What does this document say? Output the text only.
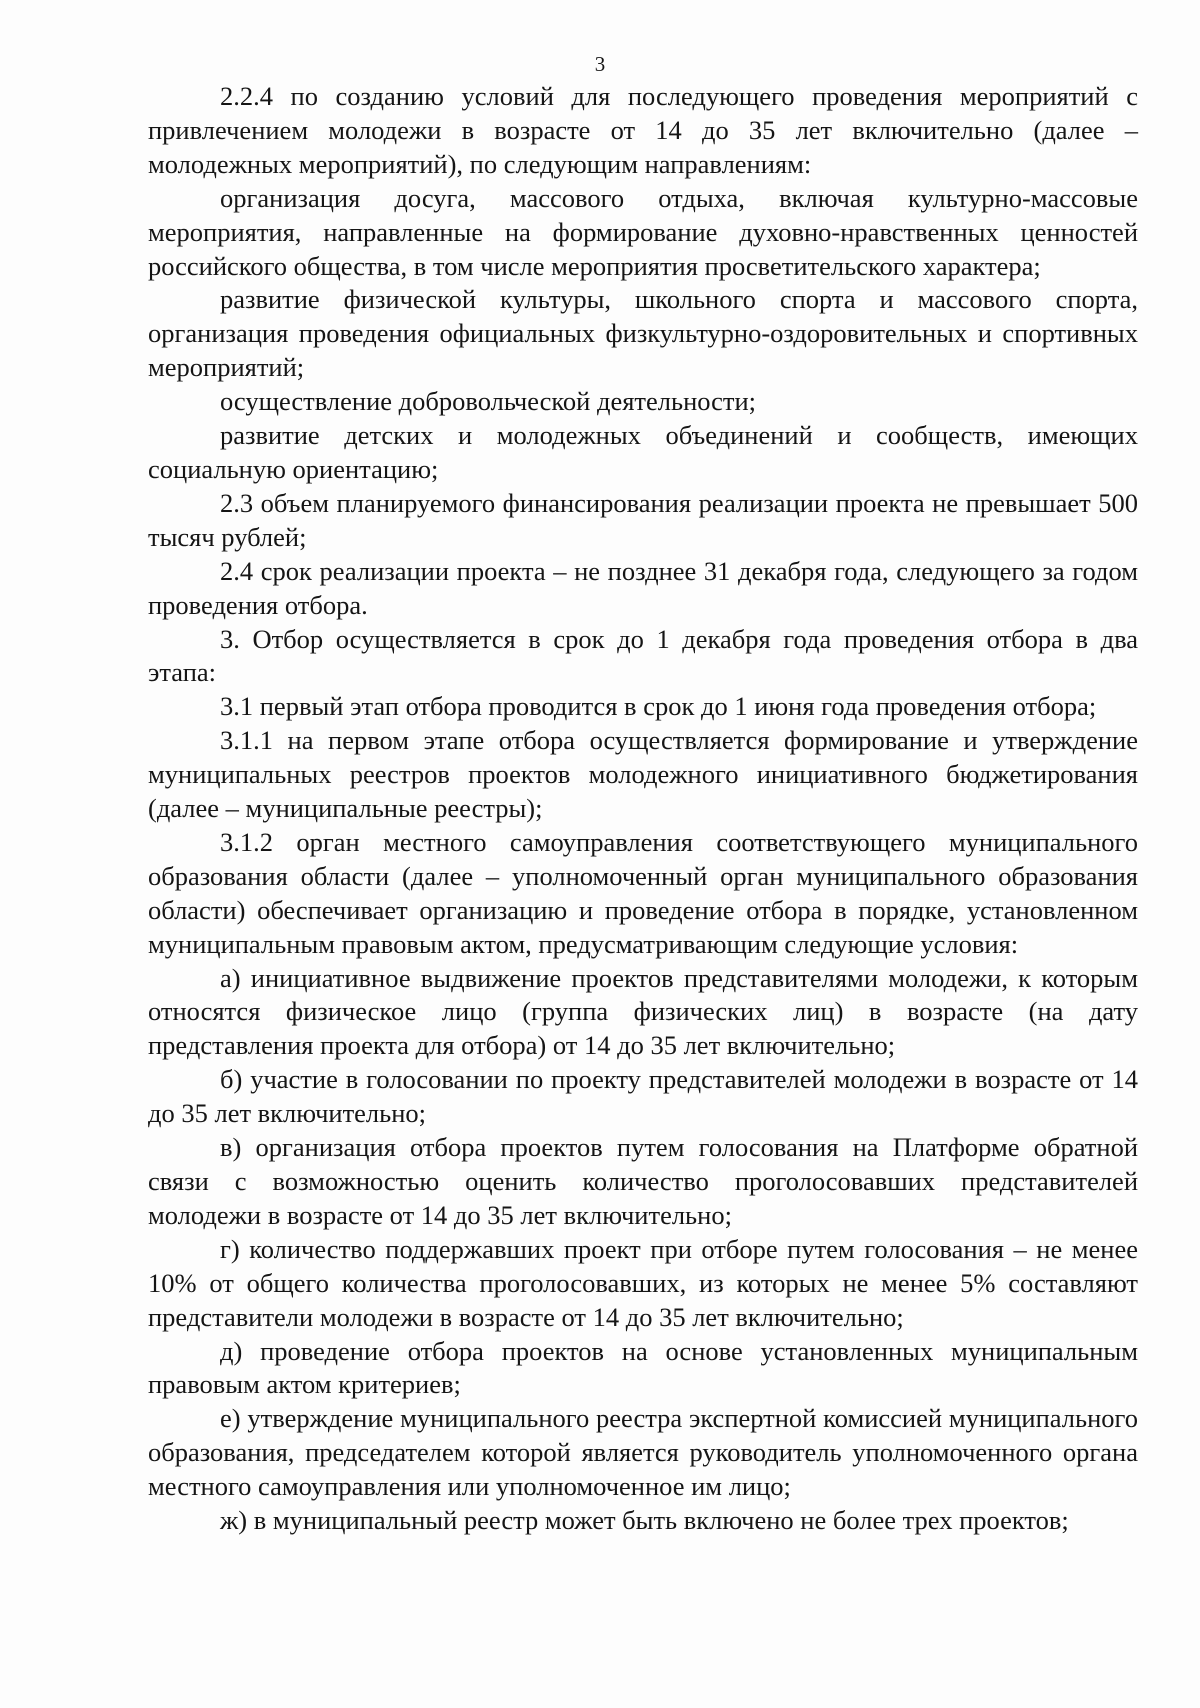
3

2.2.4 по созданию условий для последующего проведения мероприятий с привлечением молодежи в возрасте от 14 до 35 лет включительно (далее – молодежных мероприятий), по следующим направлениям:

организация досуга, массового отдыха, включая культурно-массовые мероприятия, направленные на формирование духовно-нравственных ценностей российского общества, в том числе мероприятия просветительского характера;

развитие физической культуры, школьного спорта и массового спорта, организация проведения официальных физкультурно-оздоровительных и спортивных мероприятий;

осуществление добровольческой деятельности;

развитие детских и молодежных объединений и сообществ, имеющих социальную ориентацию;

2.3 объем планируемого финансирования реализации проекта не превышает 500 тысяч рублей;

2.4 срок реализации проекта – не позднее 31 декабря года, следующего за годом проведения отбора.

3. Отбор осуществляется в срок до 1 декабря года проведения отбора в два этапа:

3.1 первый этап отбора проводится в срок до 1 июня года проведения отбора;

3.1.1 на первом этапе отбора осуществляется формирование и утверждение муниципальных реестров проектов молодежного инициативного бюджетирования (далее – муниципальные реестры);

3.1.2 орган местного самоуправления соответствующего муниципального образования области (далее – уполномоченный орган муниципального образования области) обеспечивает организацию и проведение отбора в порядке, установленном муниципальным правовым актом, предусматривающим следующие условия:

а) инициативное выдвижение проектов представителями молодежи, к которым относятся физическое лицо (группа физических лиц) в возрасте (на дату представления проекта для отбора) от 14 до 35 лет включительно;

б) участие в голосовании по проекту представителей молодежи в возрасте от 14 до 35 лет включительно;

в) организация отбора проектов путем голосования на Платформе обратной связи с возможностью оценить количество проголосовавших представителей молодежи в возрасте от 14 до 35 лет включительно;

г) количество поддержавших проект при отборе путем голосования – не менее 10% от общего количества проголосовавших, из которых не менее 5% составляют представители молодежи в возрасте от 14 до 35 лет включительно;

д) проведение отбора проектов на основе установленных муниципальным правовым актом критериев;

е) утверждение муниципального реестра экспертной комиссией муниципального образования, председателем которой является руководитель уполномоченного органа местного самоуправления или уполномоченное им лицо;

ж) в муниципальный реестр может быть включено не более трех проектов;
